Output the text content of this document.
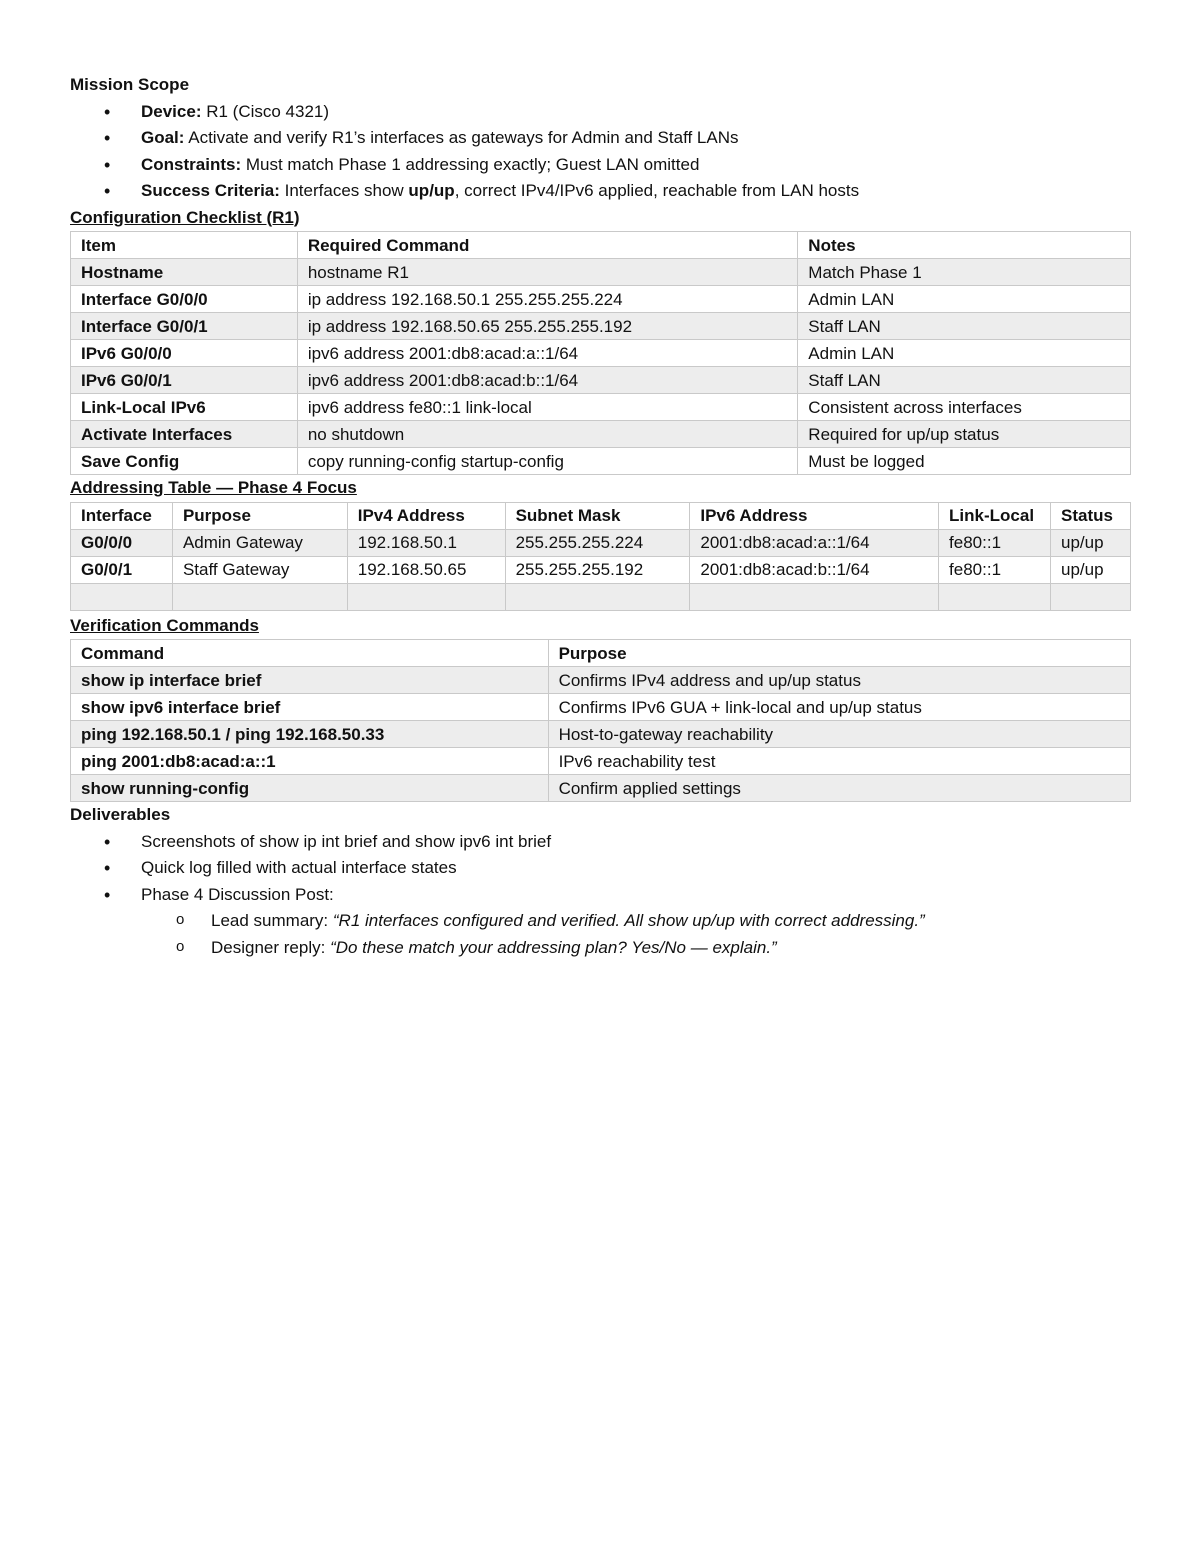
Mission Scope
• Device: R1 (Cisco 4321)
• Goal: Activate and verify R1’s interfaces as gateways for Admin and Staff LANs
• Constraints: Must match Phase 1 addressing exactly; Guest LAN omitted
• Success Criteria: Interfaces show up/up, correct IPv4/IPv6 applied, reachable from LAN hosts
Configuration Checklist (R1)
Item	Required Command	Notes
Hostname	hostname R1	Match Phase 1
Interface G0/0/0	ip address 192.168.50.1 255.255.255.224	Admin LAN
Interface G0/0/1	ip address 192.168.50.65 255.255.255.192	Staff LAN
IPv6 G0/0/0	ipv6 address 2001:db8:acad:a::1/64	Admin LAN
IPv6 G0/0/1	ipv6 address 2001:db8:acad:b::1/64	Staff LAN
Link-Local IPv6	ipv6 address fe80::1 link-local	Consistent across interfaces
Activate Interfaces	no shutdown	Required for up/up status
Save Config	copy running-config startup-config	Must be logged
Addressing Table — Phase 4 Focus
Interface	Purpose	IPv4 Address	Subnet Mask	IPv6 Address	Link-Local	Status
G0/0/0	Admin Gateway	192.168.50.1	255.255.255.224	2001:db8:acad:a::1/64	fe80::1	up/up
G0/0/1	Staff Gateway	192.168.50.65	255.255.255.192	2001:db8:acad:b::1/64	fe80::1	up/up

Verification Commands
Command	Purpose
show ip interface brief	Confirms IPv4 address and up/up status
show ipv6 interface brief	Confirms IPv6 GUA + link-local and up/up status
ping 192.168.50.1 / ping 192.168.50.33	Host-to-gateway reachability
ping 2001:db8:acad:a::1	IPv6 reachability test
show running-config	Confirm applied settings
Deliverables
• Screenshots of show ip int brief and show ipv6 int brief
• Quick log filled with actual interface states
• Phase 4 Discussion Post:
o Lead summary: “R1 interfaces configured and verified. All show up/up with correct addressing.”
o Designer reply: “Do these match your addressing plan? Yes/No — explain.”
